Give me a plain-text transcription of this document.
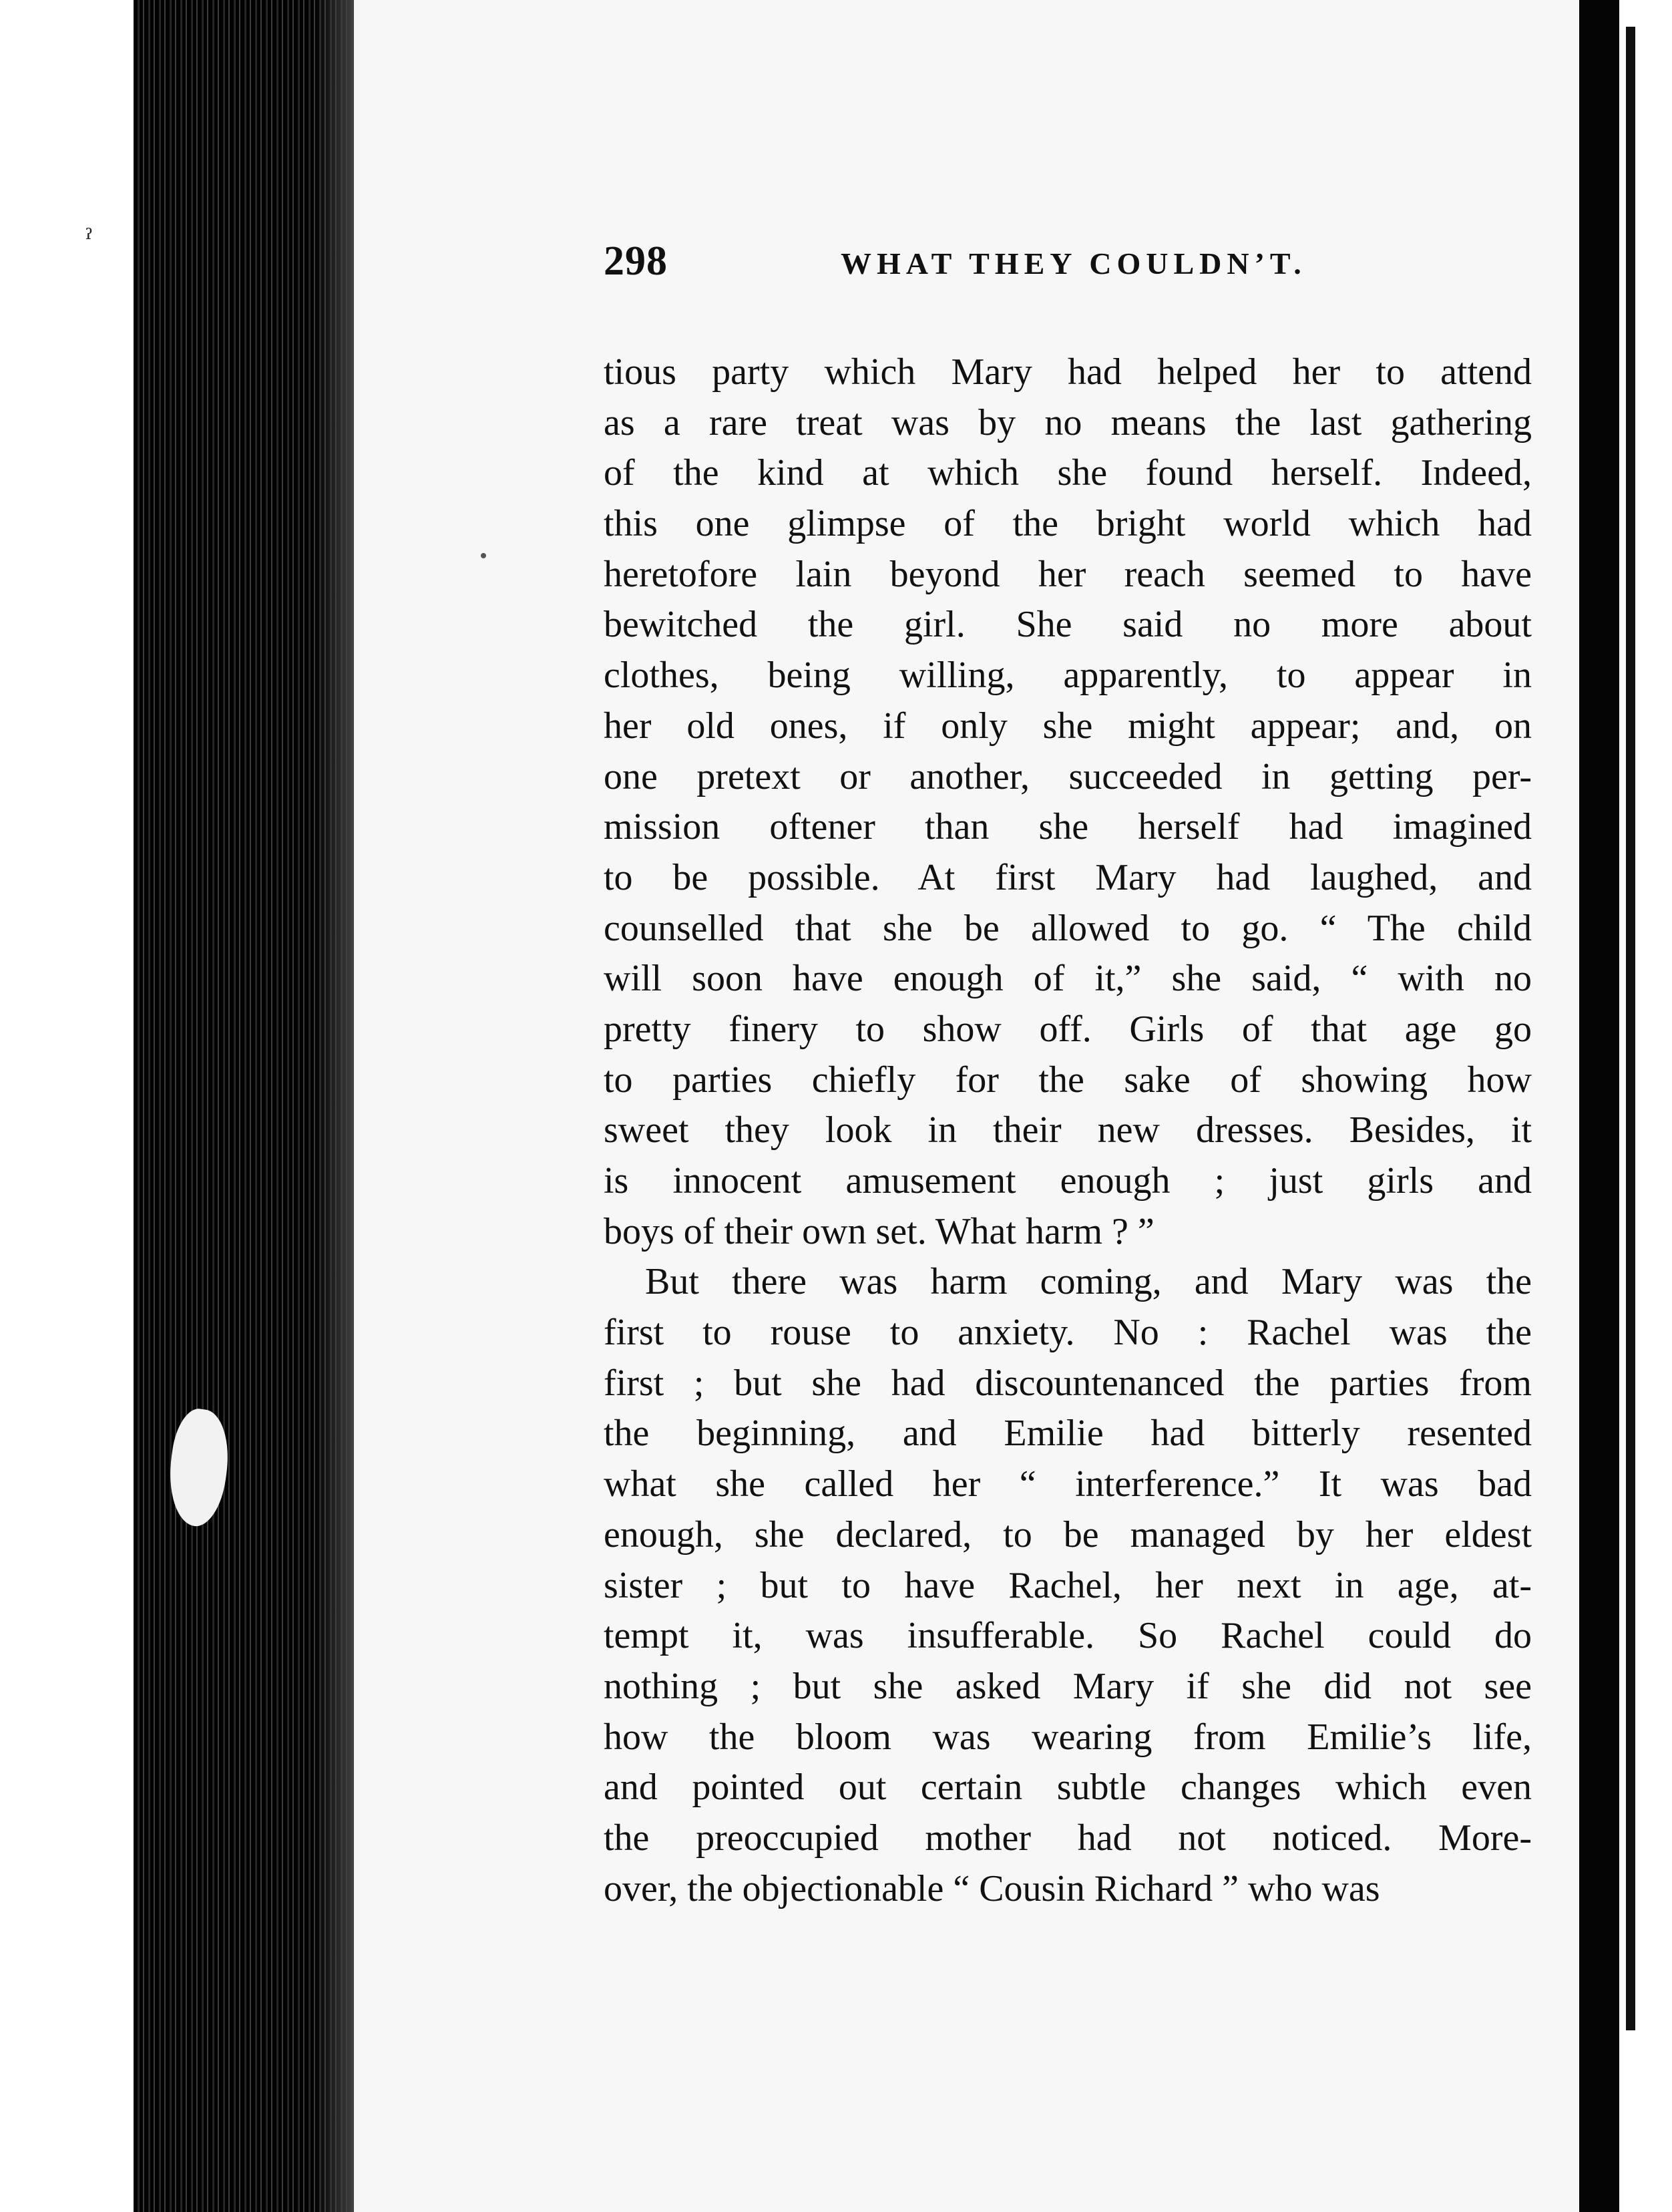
ˀ	298	WHAT THEY COULDN’T.
tious party which Mary had helped her to attend
as a rare treat was by no means the last gathering
of the kind at which she found herself. Indeed,
this one glimpse of the bright world which had
heretofore lain beyond her reach seemed to have
bewitched the girl. She said no more about
clothes, being willing, apparently, to appear in
her old ones, if only she might appear; and, on
one pretext or another, succeeded in getting per-
mission oftener than she herself had imagined
to be possible. At first Mary had laughed, and
counselled that she be allowed to go. “ The child
will soon have enough of it,” she said, “ with no
pretty finery to show off. Girls of that age go
to parties chiefly for the sake of showing how
sweet they look in their new dresses. Besides, it
is innocent amusement enough ; just girls and
boys of their own set. What harm ? ”
But there was harm coming, and Mary was the
first to rouse to anxiety. No : Rachel was the
first ; but she had discountenanced the parties from
the beginning, and Emilie had bitterly resented
what she called her “ interference.” It was bad
enough, she declared, to be managed by her eldest
sister ; but to have Rachel, her next in age, at-
tempt it, was insufferable. So Rachel could do
nothing ; but she asked Mary if she did not see
how the bloom was wearing from Emilie’s life,
and pointed out certain subtle changes which even
the preoccupied mother had not noticed. More-
over, the objectionable “ Cousin Richard ” who was
